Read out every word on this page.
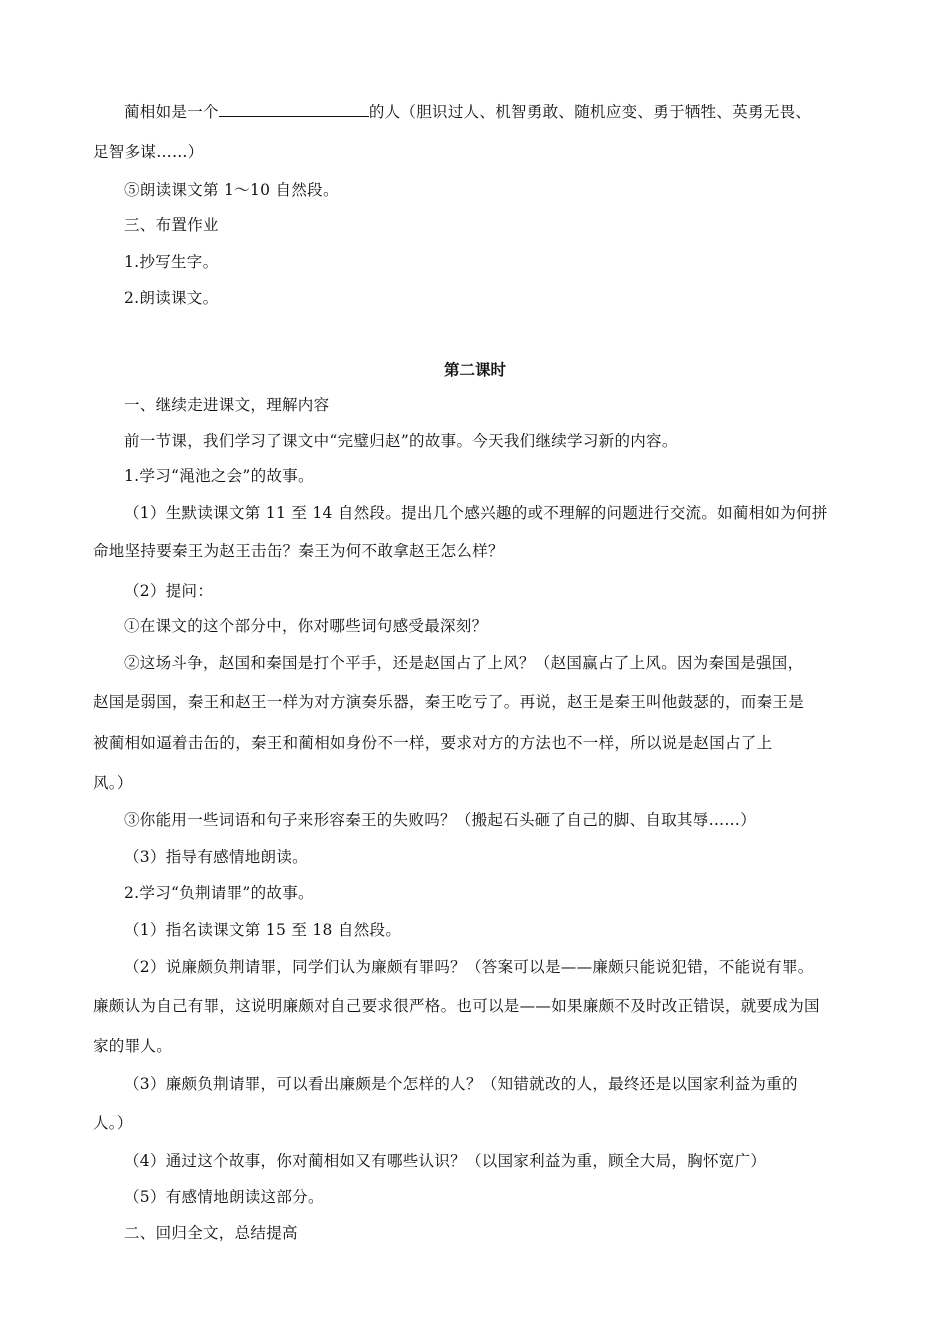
蔺相如是一个	的人（胆识过人、机智勇敢、随机应变、勇于牺牲、英勇无畏、
足智多谋……）
⑤朗读课文第 1～10 自然段。
三、布置作业
1.抄写生字。
2.朗读课文。
第二课时
一、继续走进课文，理解内容
前一节课，我们学习了课文中“完璧归赵”的故事。今天我们继续学习新的内容。
1.学习“渑池之会”的故事。
（1）生默读课文第 11 至 14 自然段。提出几个感兴趣的或不理解的问题进行交流。如蔺相如为何拼
命地坚持要秦王为赵王击缶？秦王为何不敢拿赵王怎么样？
（2）提问：
①在课文的这个部分中，你对哪些词句感受最深刻？
②这场斗争，赵国和秦国是打个平手，还是赵国占了上风？（赵国赢占了上风。因为秦国是强国，
赵国是弱国，秦王和赵王一样为对方演奏乐器，秦王吃亏了。再说，赵王是秦王叫他鼓瑟的，而秦王是
被蔺相如逼着击缶的，秦王和蔺相如身份不一样，要求对方的方法也不一样，所以说是赵国占了上
风。）
③你能用一些词语和句子来形容秦王的失败吗？（搬起石头砸了自己的脚、自取其辱……）
（3）指导有感情地朗读。
2.学习“负荆请罪”的故事。
（1）指名读课文第 15 至 18 自然段。
（2）说廉颇负荆请罪，同学们认为廉颇有罪吗？（答案可以是——廉颇只能说犯错，不能说有罪。
廉颇认为自己有罪，这说明廉颇对自己要求很严格。也可以是——如果廉颇不及时改正错误，就要成为国
家的罪人。
（3）廉颇负荆请罪，可以看出廉颇是个怎样的人？（知错就改的人，最终还是以国家利益为重的
人。）
（4）通过这个故事，你对蔺相如又有哪些认识？（以国家利益为重，顾全大局，胸怀宽广）
（5）有感情地朗读这部分。
二、回归全文，总结提高
